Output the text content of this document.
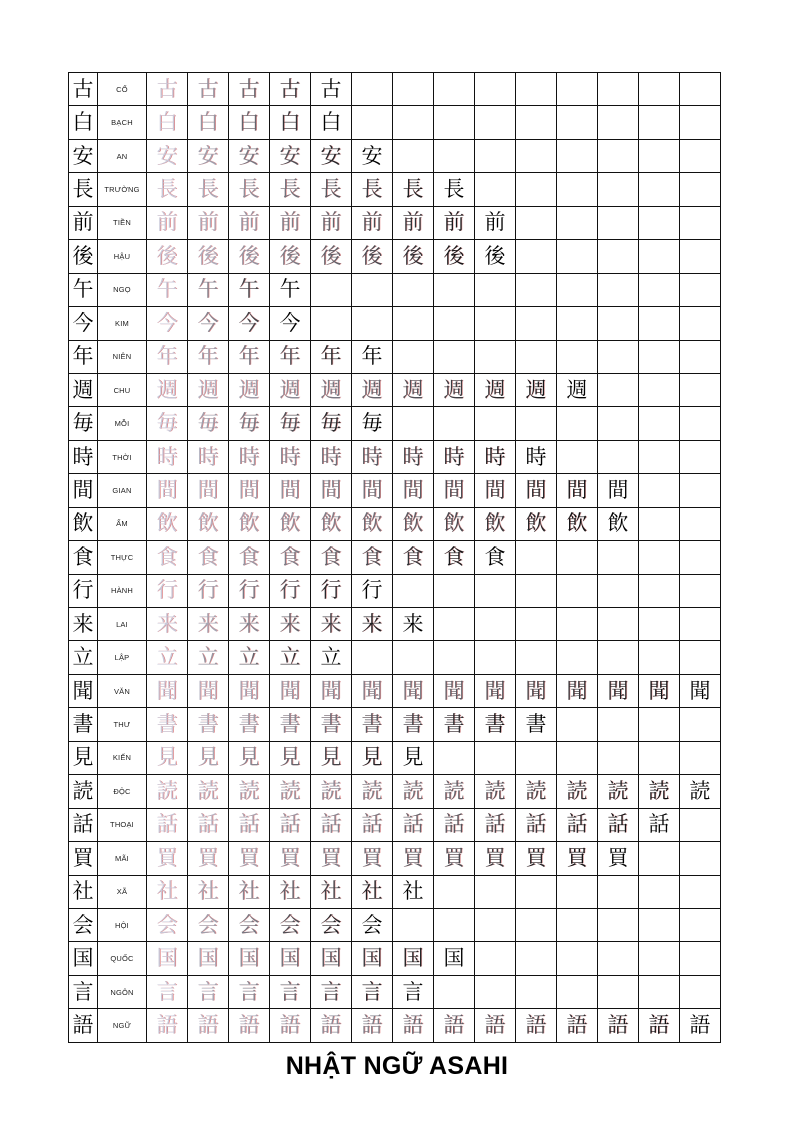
古	CỔ	古	古	古	古	古									
白	BẠCH	白	白	白	白	白									
安	AN	安	安	安	安	安	安								
長	TRƯỜNG	長	長	長	長	長	長	長	長						
前	TIỀN	前	前	前	前	前	前	前	前	前					
後	HẬU	後	後	後	後	後	後	後	後	後					
午	NGỌ	午	午	午	午										
今	KIM	今	今	今	今										
年	NIÊN	年	年	年	年	年	年								
週	CHU	週	週	週	週	週	週	週	週	週	週	週			
毎	MỖI	毎	毎	毎	毎	毎	毎								
時	THỜI	時	時	時	時	時	時	時	時	時	時				
間	GIAN	間	間	間	間	間	間	間	間	間	間	間	間		
飲	ẨM	飲	飲	飲	飲	飲	飲	飲	飲	飲	飲	飲	飲		
食	THỰC	食	食	食	食	食	食	食	食	食					
行	HÀNH	行	行	行	行	行	行								
来	LAI	来	来	来	来	来	来	来							
立	LẬP	立	立	立	立	立									
聞	VĂN	聞	聞	聞	聞	聞	聞	聞	聞	聞	聞	聞	聞	聞	聞
書	THƯ	書	書	書	書	書	書	書	書	書	書				
見	KIẾN	見	見	見	見	見	見	見							
読	ĐỘC	読	読	読	読	読	読	読	読	読	読	読	読	読	読
話	THOẠI	話	話	話	話	話	話	話	話	話	話	話	話	話	
買	MÃI	買	買	買	買	買	買	買	買	買	買	買	買		
社	XÃ	社	社	社	社	社	社	社							
会	HỘI	会	会	会	会	会	会								
国	QUỐC	国	国	国	国	国	国	国	国						
言	NGÔN	言	言	言	言	言	言	言							
語	NGỮ	語	語	語	語	語	語	語	語	語	語	語	語	語	語
NHẬT NGỮ ASAHI
